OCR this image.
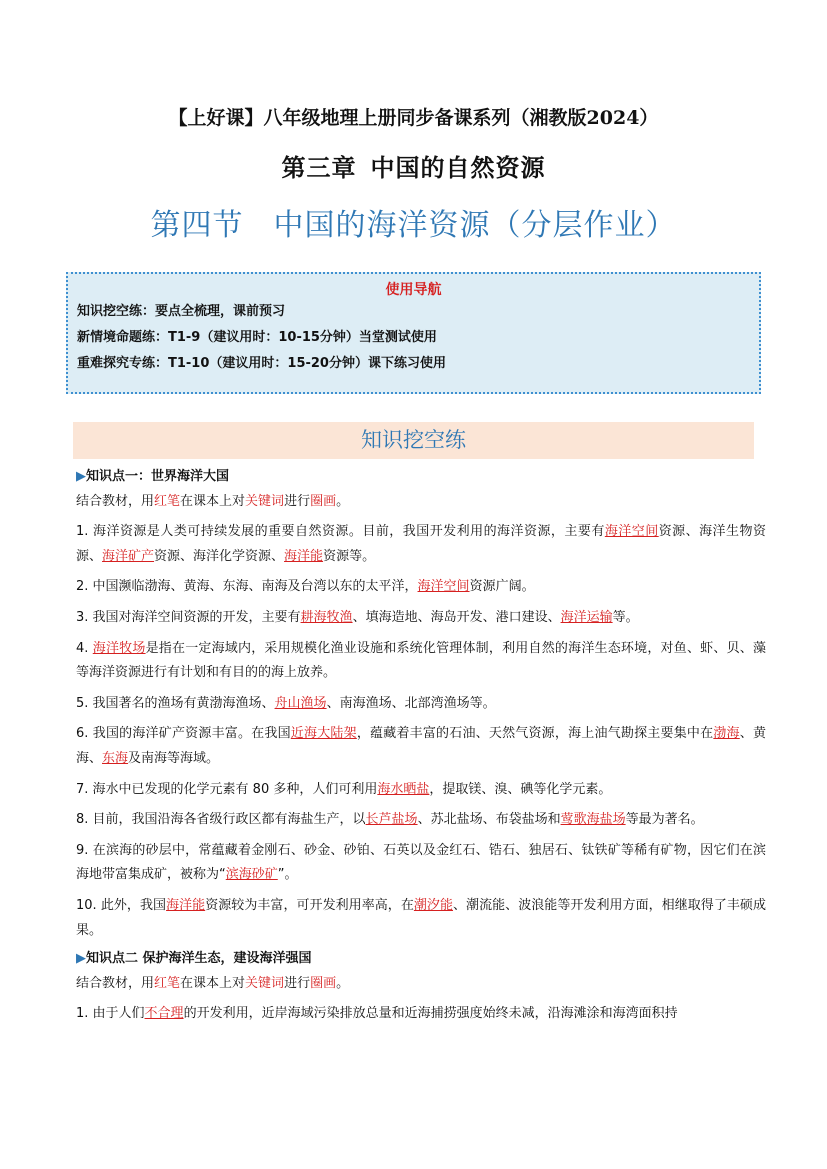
【上好课】八年级地理上册同步备课系列（湘教版2024）
第三章 中国的自然资源
第四节 中国的海洋资源（分层作业）
使用导航
知识挖空练：要点全梳理，课前预习
新情境命题练：T1-9（建议用时：10-15分钟）当堂测试使用
重难探究专练：T1-10（建议用时：15-20分钟）课下练习使用
知识挖空练

▶知识点一：世界海洋大国

结合教材，用红笔在课本上对关键词进行圈画。

1. 海洋资源是人类可持续发展的重要自然资源。目前，我国开发利用的海洋资源，主要有海洋空间资源、海洋生物资源、海洋矿产资源、海洋化学资源、海洋能资源等。

2. 中国濒临渤海、黄海、东海、南海及台湾以东的太平洋，海洋空间资源广阔。

3. 我国对海洋空间资源的开发，主要有耕海牧渔、填海造地、海岛开发、港口建设、海洋运输等。

4. 海洋牧场是指在一定海域内，采用规模化渔业设施和系统化管理体制，利用自然的海洋生态环境，对鱼、虾、贝、藻等海洋资源进行有计划和有目的的海上放养。

5. 我国著名的渔场有黄渤海渔场、舟山渔场、南海渔场、北部湾渔场等。

6. 我国的海洋矿产资源丰富。在我国近海大陆架，蕴藏着丰富的石油、天然气资源，海上油气勘探主要集中在渤海、黄海、东海及南海等海域。

7. 海水中已发现的化学元素有 80 多种，人们可利用海水晒盐，提取镁、溴、碘等化学元素。

8. 目前，我国沿海各省级行政区都有海盐生产，以长芦盐场、苏北盐场、布袋盐场和莺歌海盐场等最为著名。

9. 在滨海的砂层中，常蕴藏着金刚石、砂金、砂铂、石英以及金红石、锆石、独居石、钛铁矿等稀有矿物，因它们在滨海地带富集成矿，被称为“滨海砂矿”。

10. 此外，我国海洋能资源较为丰富，可开发利用率高，在潮汐能、潮流能、波浪能等开发利用方面，相继取得了丰硕成果。

▶知识点二 保护海洋生态，建设海洋强国

结合教材，用红笔在课本上对关键词进行圈画。

1. 由于人们不合理的开发利用，近岸海域污染排放总量和近海捕捞强度始终未减，沿海滩涂和海湾面积持
